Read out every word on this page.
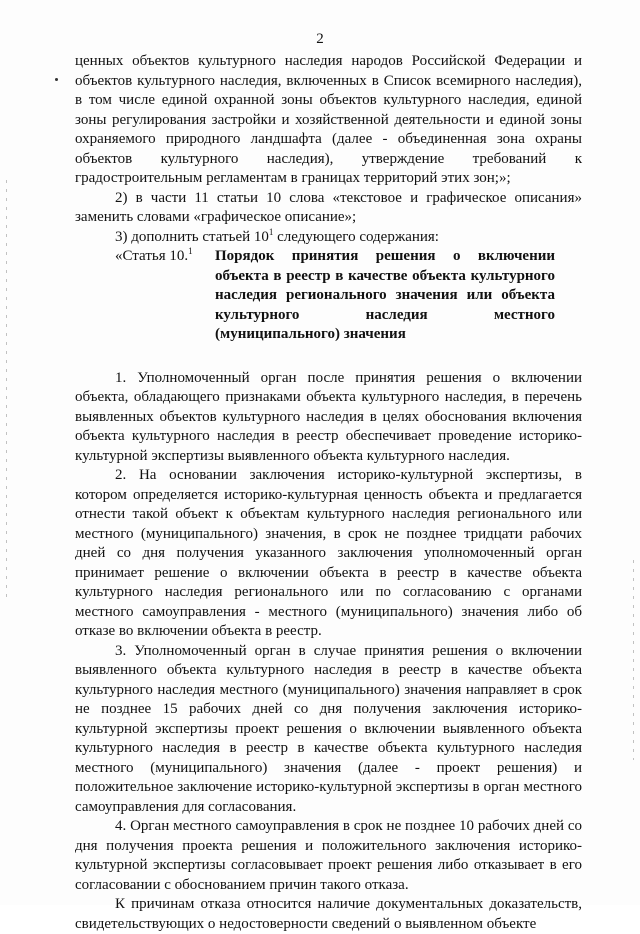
2

ценных объектов культурного наследия народов Российской Федерации и объектов культурного наследия, включенных в Список всемирного наследия), в том числе единой охранной зоны объектов культурного наследия, единой зоны регулирования застройки и хозяйственной деятельности и единой зоны охраняемого природного ландшафта (далее - объединенная зона охраны объектов культурного наследия), утверждение требований к градостроительным регламентам в границах территорий этих зон;»;

2) в части 11 статьи 10 слова «текстовое и графическое описания» заменить словами «графическое описание»;

3) дополнить статьей $10^1$ следующего содержания:

«Статья 10.$^1$	Порядок принятия решения о включении объекта в реестр в качестве объекта культурного наследия регионального значения или объекта культурного наследия местного (муниципального) значения

1. Уполномоченный орган после принятия решения о включении объекта, обладающего признаками объекта культурного наследия, в перечень выявленных объектов культурного наследия в целях обоснования включения объекта культурного наследия в реестр обеспечивает проведение историко-культурной экспертизы выявленного объекта культурного наследия.

2. На основании заключения историко-культурной экспертизы, в котором определяется историко-культурная ценность объекта и предлагается отнести такой объект к объектам культурного наследия регионального или местного (муниципального) значения, в срок не позднее тридцати рабочих дней со дня получения указанного заключения уполномоченный орган принимает решение о включении объекта в реестр в качестве объекта культурного наследия регионального или по согласованию с органами местного самоуправления - местного (муниципального) значения либо об отказе во включении объекта в реестр.

3. Уполномоченный орган в случае принятия решения о включении выявленного объекта культурного наследия в реестр в качестве объекта культурного наследия местного (муниципального) значения направляет в срок не позднее 15 рабочих дней со дня получения заключения историко-культурной экспертизы проект решения о включении выявленного объекта культурного наследия в реестр в качестве объекта культурного наследия местного (муниципального) значения (далее - проект решения) и положительное заключение историко-культурной экспертизы в орган местного самоуправления для согласования.

4. Орган местного самоуправления в срок не позднее 10 рабочих дней со дня получения проекта решения и положительного заключения историко-культурной экспертизы согласовывает проект решения либо отказывает в его согласовании с обоснованием причин такого отказа.

К причинам отказа относится наличие документальных доказательств, свидетельствующих о недостоверности сведений о выявленном объекте
